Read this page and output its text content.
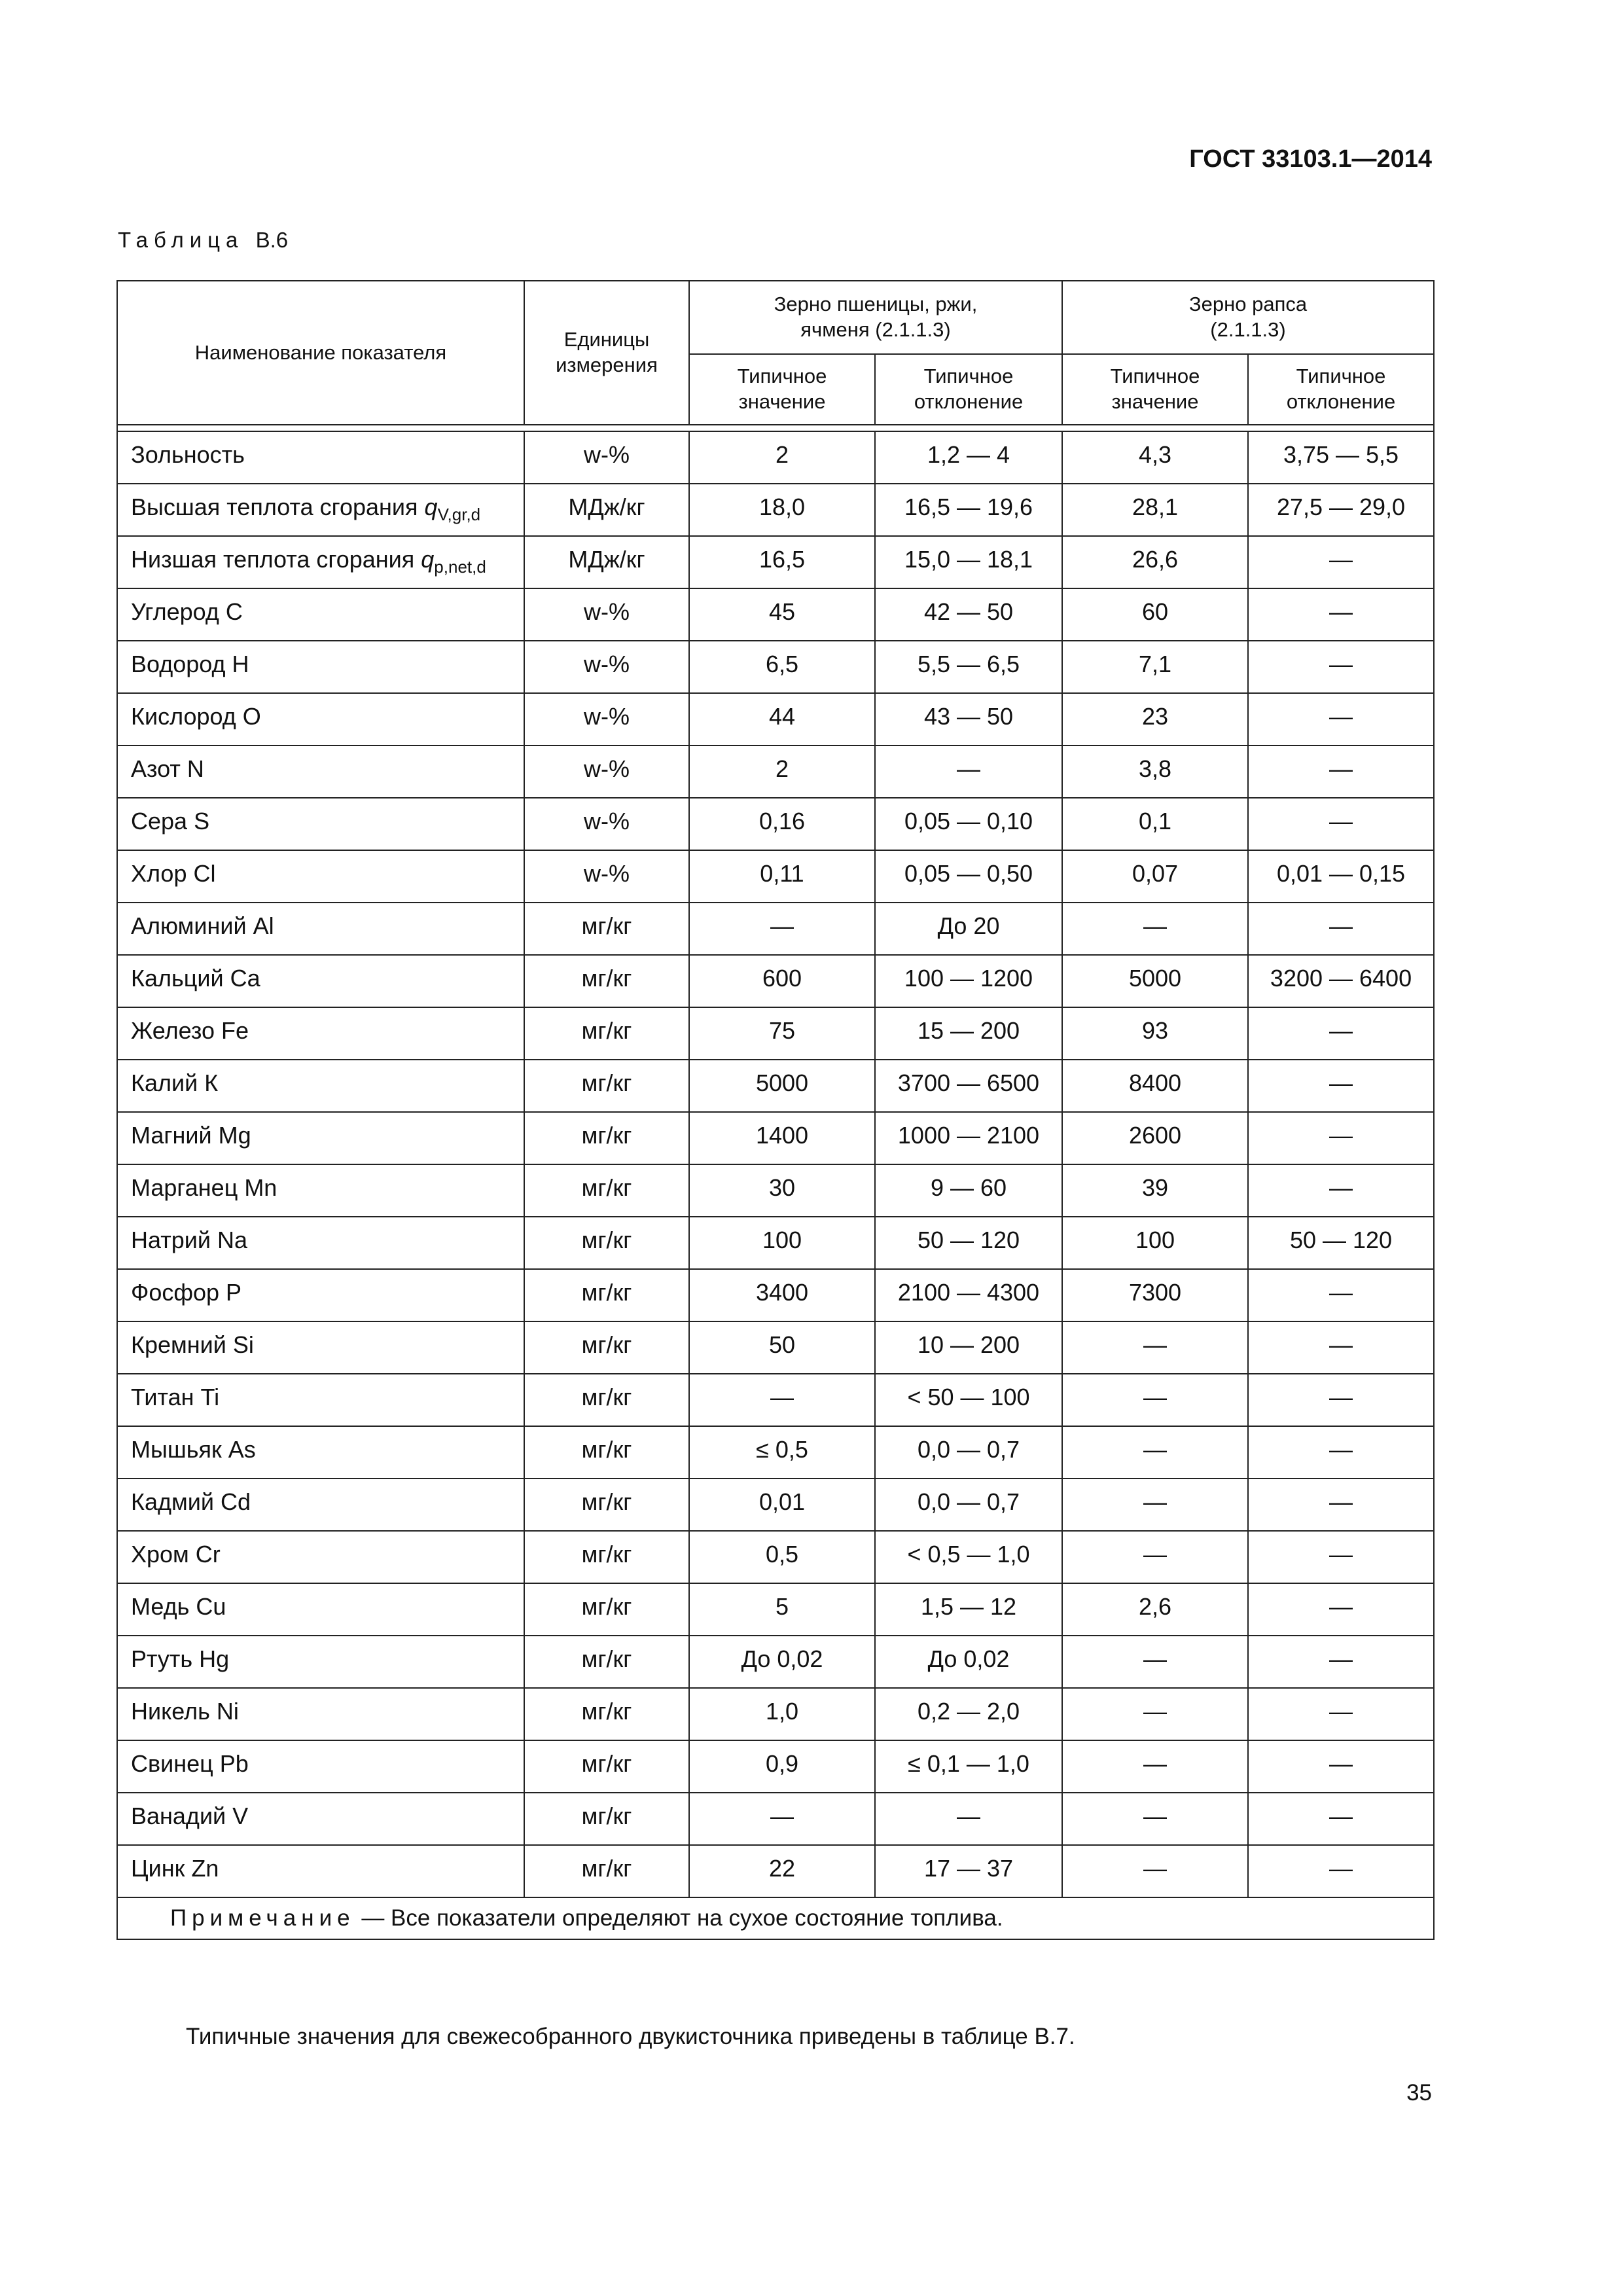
ГОСТ 33103.1—2014
Таблица В.6
Наименование показателя	Единицы измерения	Зерно пшеницы, ржи, ячменя (2.1.1.3)		Зерно рапса (2.1.1.3)	
		Типичное значение	Типичное отклонение	Типичное значение	Типичное отклонение

Зольность	w-%	2	1,2 — 4	4,3	3,75 — 5,5
Высшая теплота сгорания $q_{V,gr,d}$	МДж/кг	18,0	16,5 — 19,6	28,1	27,5 — 29,0
Низшая теплота сгорания $q_{p,net,d}$	МДж/кг	16,5	15,0 — 18,1	26,6	—
Углерод C	w-%	45	42 — 50	60	—
Водород H	w-%	6,5	5,5 — 6,5	7,1	—
Кислород O	w-%	44	43 — 50	23	—
Азот N	w-%	2	—	3,8	—
Сера S	w-%	0,16	0,05 — 0,10	0,1	—
Хлор Cl	w-%	0,11	0,05 — 0,50	0,07	0,01 — 0,15
Алюминий Al	мг/кг	—	До 20	—	—
Кальций Ca	мг/кг	600	100 — 1200	5000	3200 — 6400
Железо Fe	мг/кг	75	15 — 200	93	—
Калий К	мг/кг	5000	3700 — 6500	8400	—
Магний Mg	мг/кг	1400	1000 — 2100	2600	—
Марганец Mn	мг/кг	30	9 — 60	39	—
Натрий Na	мг/кг	100	50 — 120	100	50 — 120
Фосфор P	мг/кг	3400	2100 — 4300	7300	—
Кремний Si	мг/кг	50	10 — 200	—	—
Титан Ti	мг/кг	—	< 50 — 100	—	—
Мышьяк As	мг/кг	≤ 0,5	0,0 — 0,7	—	—
Кадмий Cd	мг/кг	0,01	0,0 — 0,7	—	—
Хром Cr	мг/кг	0,5	< 0,5 — 1,0	—	—
Медь Cu	мг/кг	5	1,5 — 12	2,6	—
Ртуть Hg	мг/кг	До 0,02	До 0,02	—	—
Никель Ni	мг/кг	1,0	0,2 — 2,0	—	—
Свинец Pb	мг/кг	0,9	≤ 0,1 — 1,0	—	—
Ванадий V	мг/кг	—	—	—	—
Цинк Zn	мг/кг	22	17 — 37	—	—
Примечание — Все показатели определяют на сухое состояние топлива.					
Типичные значения для свежесобранного двукисточника приведены в таблице В.7.
35
